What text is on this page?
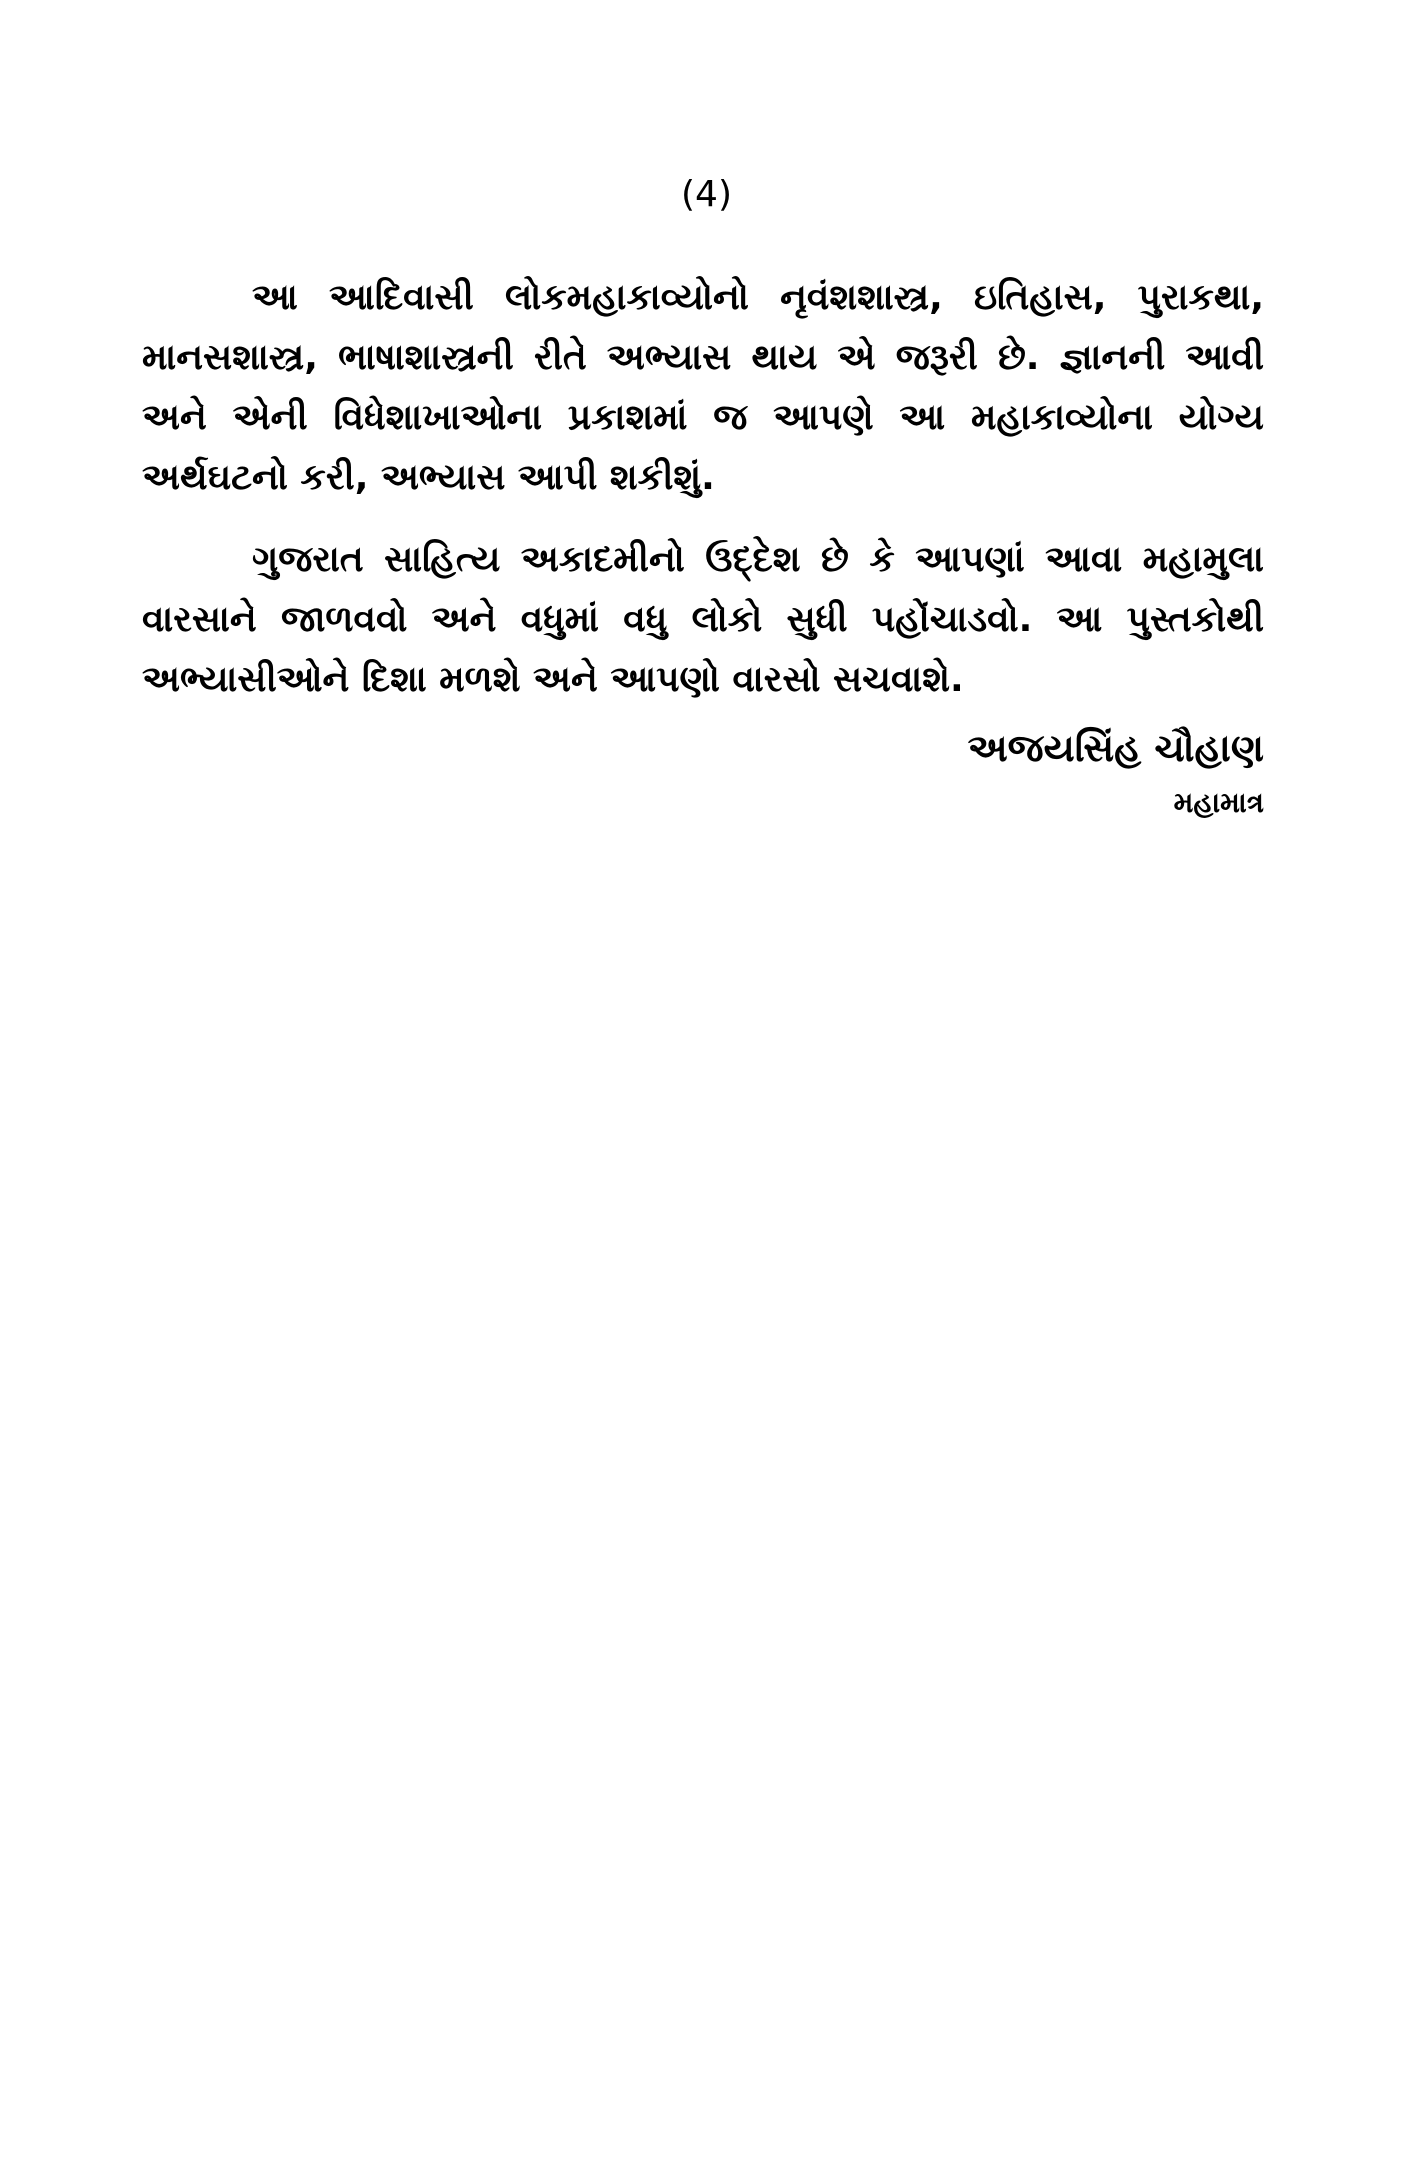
(4)

આ આદિવાસી લોકમહાકાવ્યોનો નૃવંશશાસ્ત્ર, ઇતિહાસ, પુરાકથા, માનસશાસ્ત્ર, ભાષાશાસ્ત્રની રીતે અભ્યાસ થાય એ જરૂરી છે. જ્ઞાનની આવી અને એની વિધેશાખાઓના પ્રકાશમાં જ આપણે આ મહાકાવ્યોના યોગ્ય અર્થઘટનો કરી, અભ્યાસ આપી શકીશું.

ગુજરાત સાહિત્ય અકાદમીનો ઉદ્દેશ છે કે આપણાં આવા મહામુલા વારસાને જાળવવો અને વધુમાં વધુ લોકો સુધી પહોંચાડવો. આ પુસ્તકોથી અભ્યાસીઓને દિશા મળશે અને આપણો વારસો સચવાશે.

અજયસિંહ ચૌહાણ
મહામાત્ર
